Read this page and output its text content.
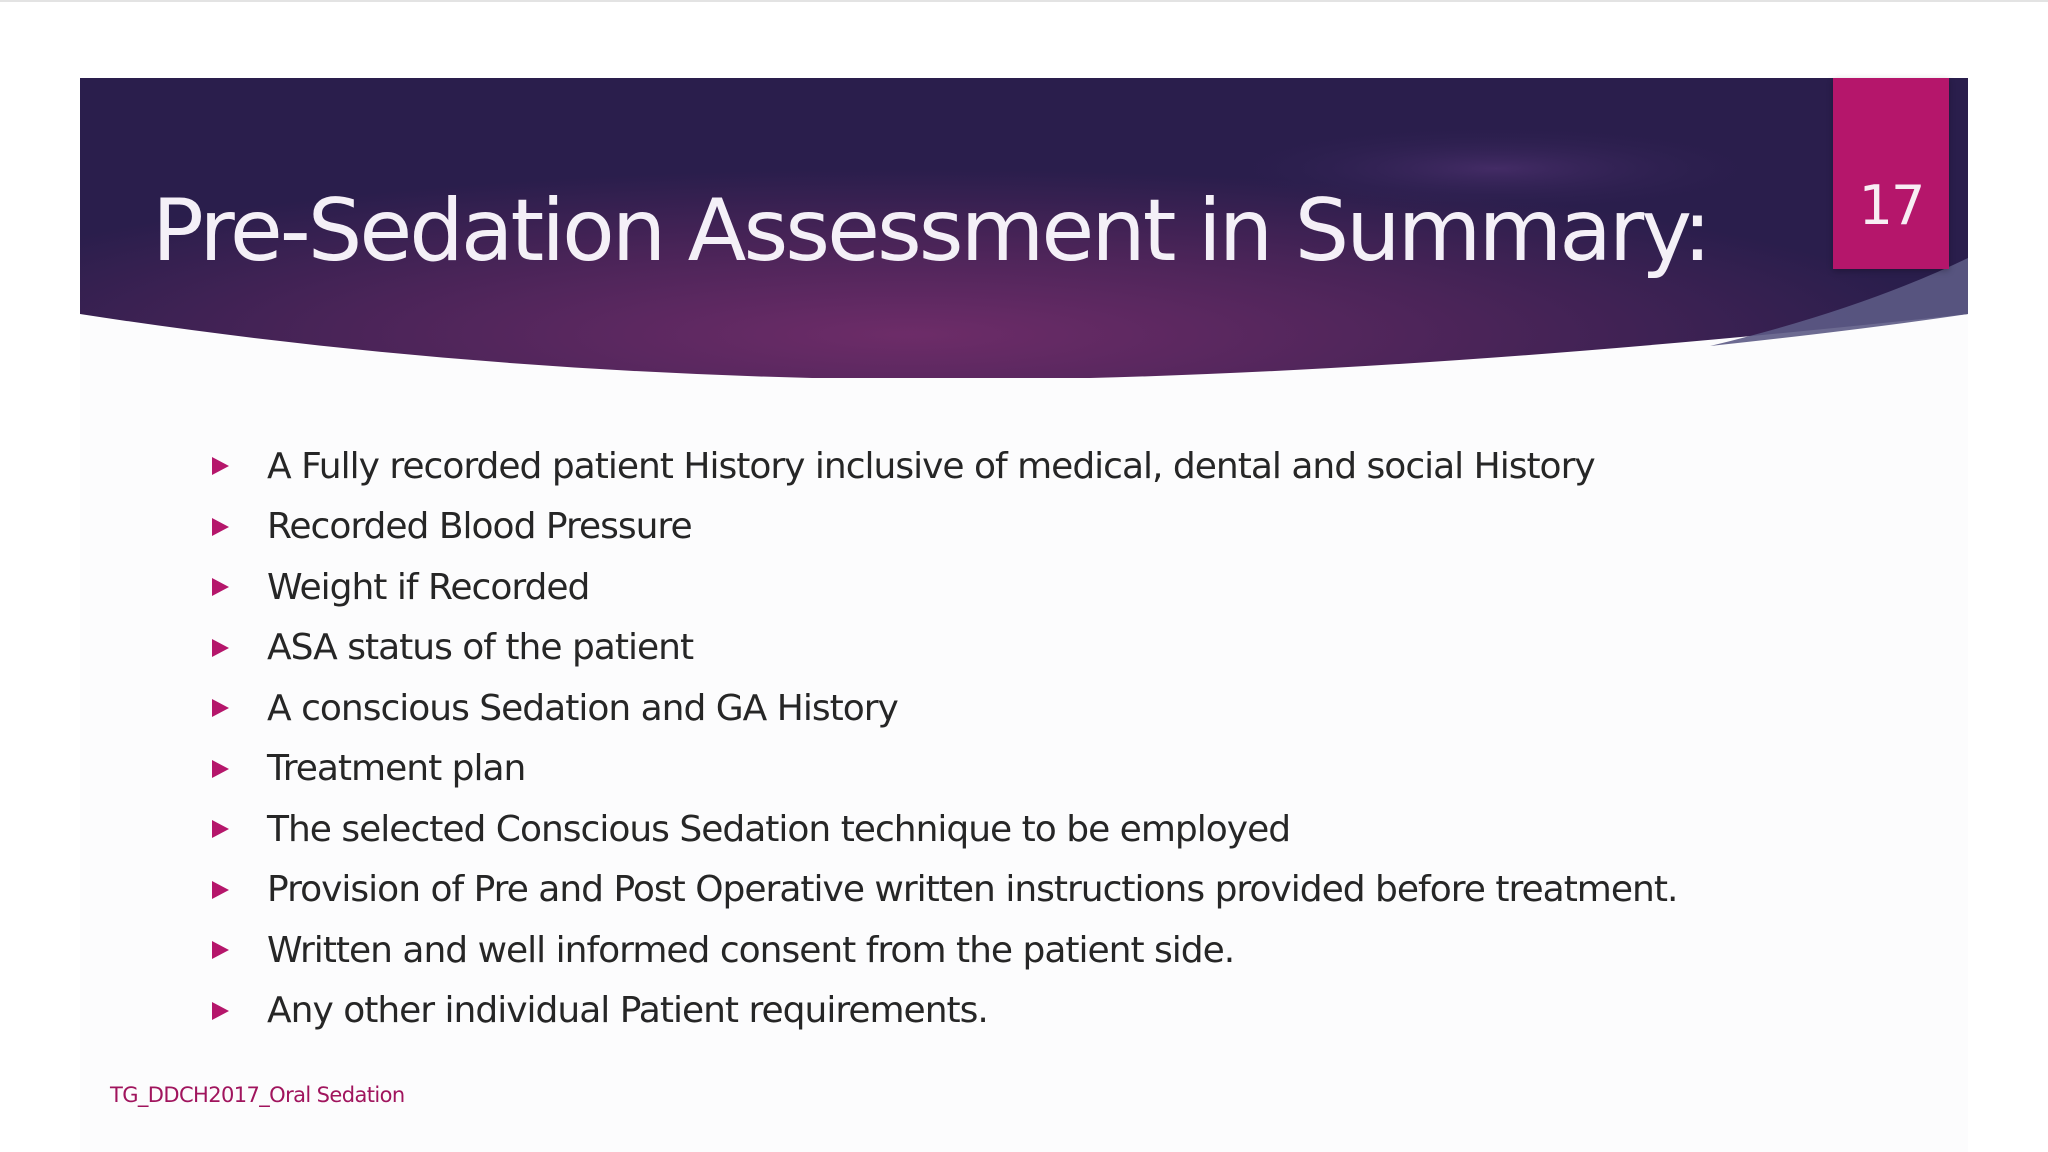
Pre-Sedation Assessment in Summary:	17
A Fully recorded patient History inclusive of medical, dental and social History
Recorded Blood Pressure
Weight if Recorded
ASA status of the patient
A conscious Sedation and GA History
Treatment plan
The selected Conscious Sedation technique to be employed
Provision of Pre and Post Operative written instructions provided before treatment.
Written and well informed consent from the patient side.
Any other individual Patient requirements.
TG_DDCH2017_Oral Sedation
